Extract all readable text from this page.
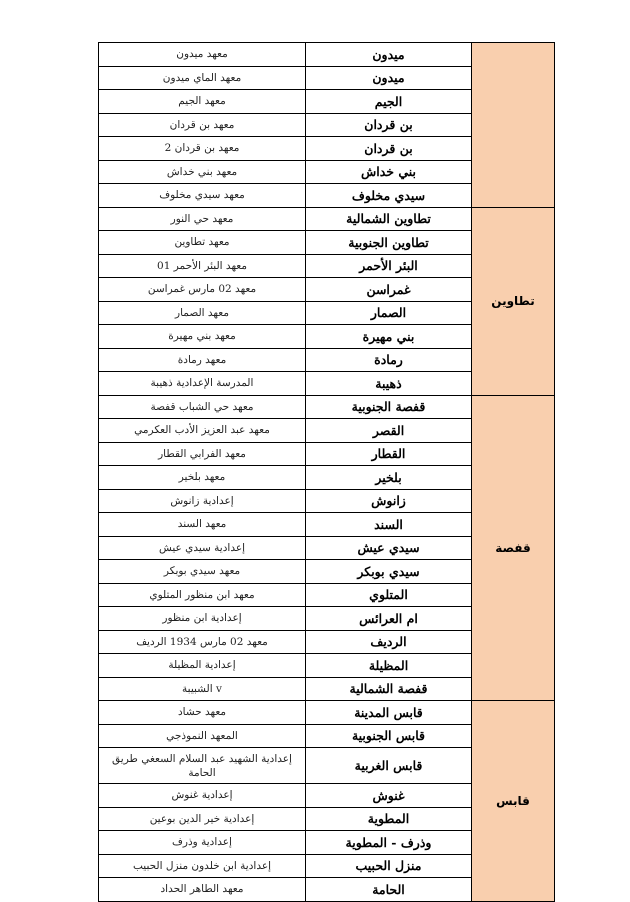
	ميدون	معهد ميدون
	ميدون	معهد الماي ميدون
	الجيم	معهد الجيم
	بن قردان	معهد بن قردان
	بن قردان	معهد بن قردان 2
	بني خداش	معهد بني خداش
	سيدي مخلوف	معهد سيدي مخلوف
تطاوين	تطاوين الشمالية	معهد حي النور
	تطاوين الجنوبية	معهد تطاوين
	البئر الأحمر	معهد البئر الأحمر 01
	غمراسن	معهد 02 مارس غمراسن
	الصمار	معهد الصمار
	بني مهيرة	معهد بني مهيرة
	رمادة	معهد رمادة
	ذهيبة	المدرسة الإعدادية ذهيبة
قفصة	قفصة الجنوبية	معهد حي الشباب قفصة
	القصر	معهد عبد العزيز الأدب العكرمي
	القطار	معهد الفرابي القطار
	بلخير	معهد بلخير
	زانوش	إعدادية زانوش
	السند	معهد السند
	سيدي عيش	إعدادية سيدي عيش
	سيدي بوبكر	معهد سيدي بوبكر
	المتلوي	معهد ابن منظور المتلوي
	ام العرائس	إعدادية ابن منظور
	الرديف	معهد 02 مارس 1934 الرديف
	المظيلة	إعدادية المظيلة
	قفصة الشمالية	v الشبيبة
قابس	قابس المدينة	معهد حشاد
	قابس الجنوبية	المعهد النموذجي
	قابس الغربية	إعدادية الشهيد عبد السلام السعغي طريق الحامة
	غنوش	إعدادية غنوش
	المطوية	إعدادية خير الدين بوعين
	وذرف - المطوية	إعدادية وذرف
	منزل الحبيب	إعدادية ابن خلدون منزل الحبيب
	الحامة	معهد الطاهر الحداد
